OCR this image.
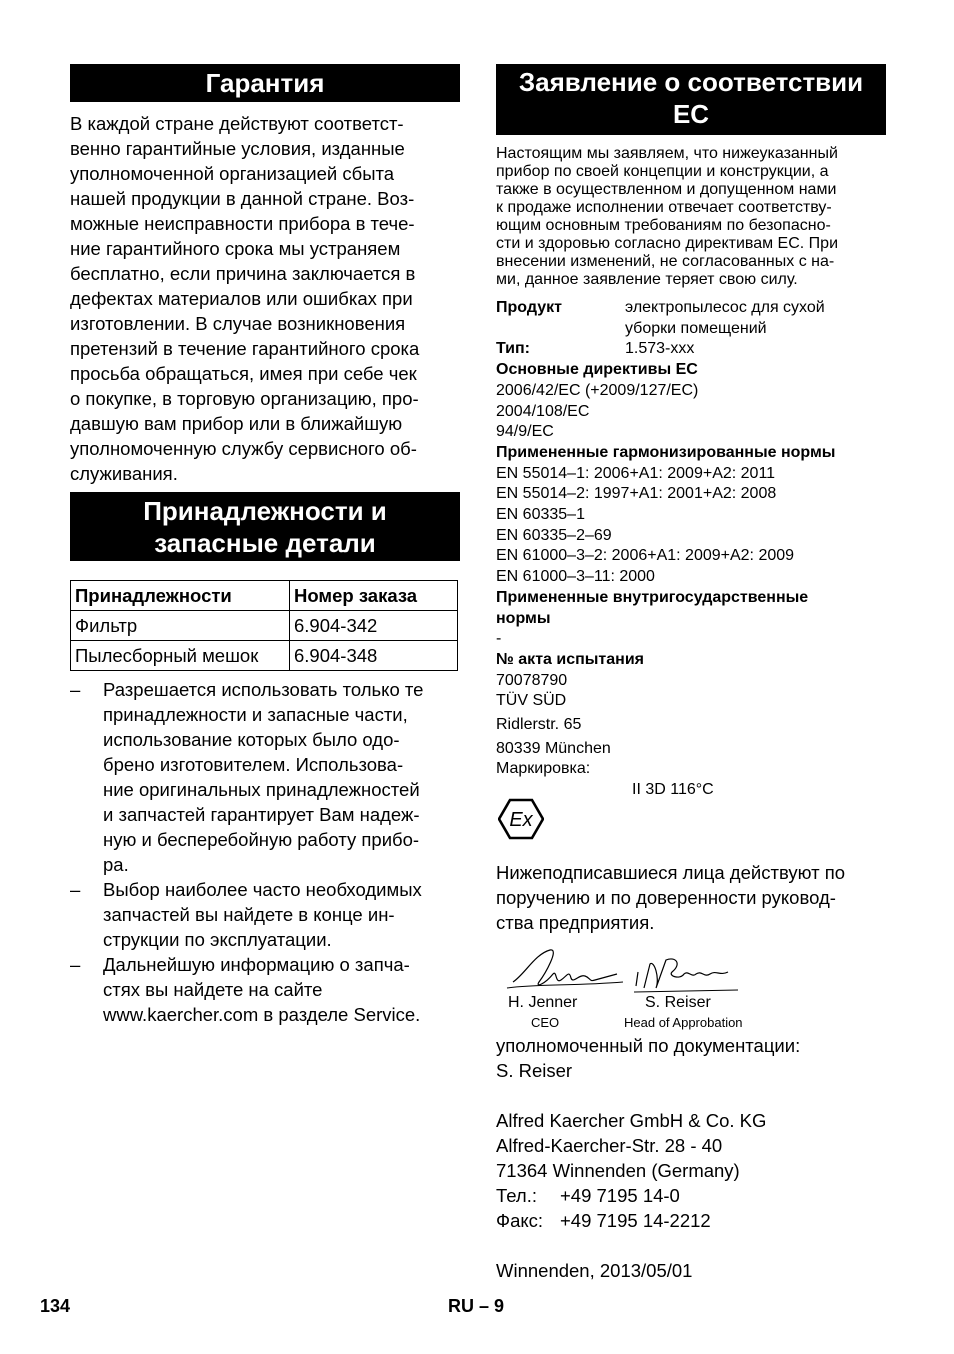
Гарантия

В каждой стране действуют соответст-
венно гарантийные условия, изданные
уполномоченной организацией сбыта
нашей продукции в данной стране. Воз-
можные неисправности прибора в тече-
ние гарантийного срока мы устраняем
бесплатно, если причина заключается в
дефектах материалов или ошибках при
изготовлении. В случае возникновения
претензий в течение гарантийного срока
просьба обращаться, имея при себе чек
о покупке, в торговую организацию, про-
давшую вам прибор или в ближайшую
уполномоченную службу сервисного об-
служивания.

Принадлежности и
запасные детали
Принадлежности	Номер заказа
Фильтр	6.904-342
Пылесборный мешок	6.904-348
– Разрешается использовать только те
принадлежности и запасные части,
использование которых было одо-
брено изготовителем. Использова-
ние оригинальных принадлежностей
и запчастей гарантирует Вам надеж-
ную и бесперебойную работу прибо-
ра.
– Выбор наиболее часто необходимых
запчастей вы найдете в конце ин-
струкции по эксплуатации.
– Дальнейшую информацию о запча-
стях вы найдете на сайте
www.kaercher.com в разделе Service.
Заявление о соответствии
ЕС

Настоящим мы заявляем, что нижеуказанный
прибор по своей концепции и конструкции, а
также в осуществленном и допущенном нами
к продаже исполнении отвечает соответству-
ющим основным требованиям по безопасно-
сти и здоровью согласно директивам ЕС. При
внесении изменений, не согласованных с на-
ми, данное заявление теряет свою силу.

Продукт	электропылесос для сухой
уборки помещений
Тип:	1.573-xxx
Основные директивы ЕС
2006/42/EC (+2009/127/EC)
2004/108/EC
94/9/EC
Примененные гармонизированные нормы
EN 55014–1: 2006+A1: 2009+A2: 2011
EN 55014–2: 1997+A1: 2001+A2: 2008
EN 60335–1
EN 60335–2–69
EN 61000–3–2: 2006+A1: 2009+A2: 2009
EN 61000–3–11: 2000
Примененные внутригосударственные
нормы
-
№ акта испытания
70078790
TÜV SÜD
Ridlerstr. 65
80339 München
Маркировка:
II 3D 116°C
Ex

Нижеподписавшиеся лица действуют по
поручению и по доверенности руковод-
ства предприятия.

H. Jenner
CEO
S. Reiser
Head of Approbation
уполномоченный по документации:
S. Reiser
Alfred Kaercher GmbH & Co. KG
Alfred-Kaercher-Str. 28 - 40
71364 Winnenden (Germany)
Тел.: +49 7195 14-0
Факс: +49 7195 14-2212
Winnenden, 2013/05/01
134	RU – 9
